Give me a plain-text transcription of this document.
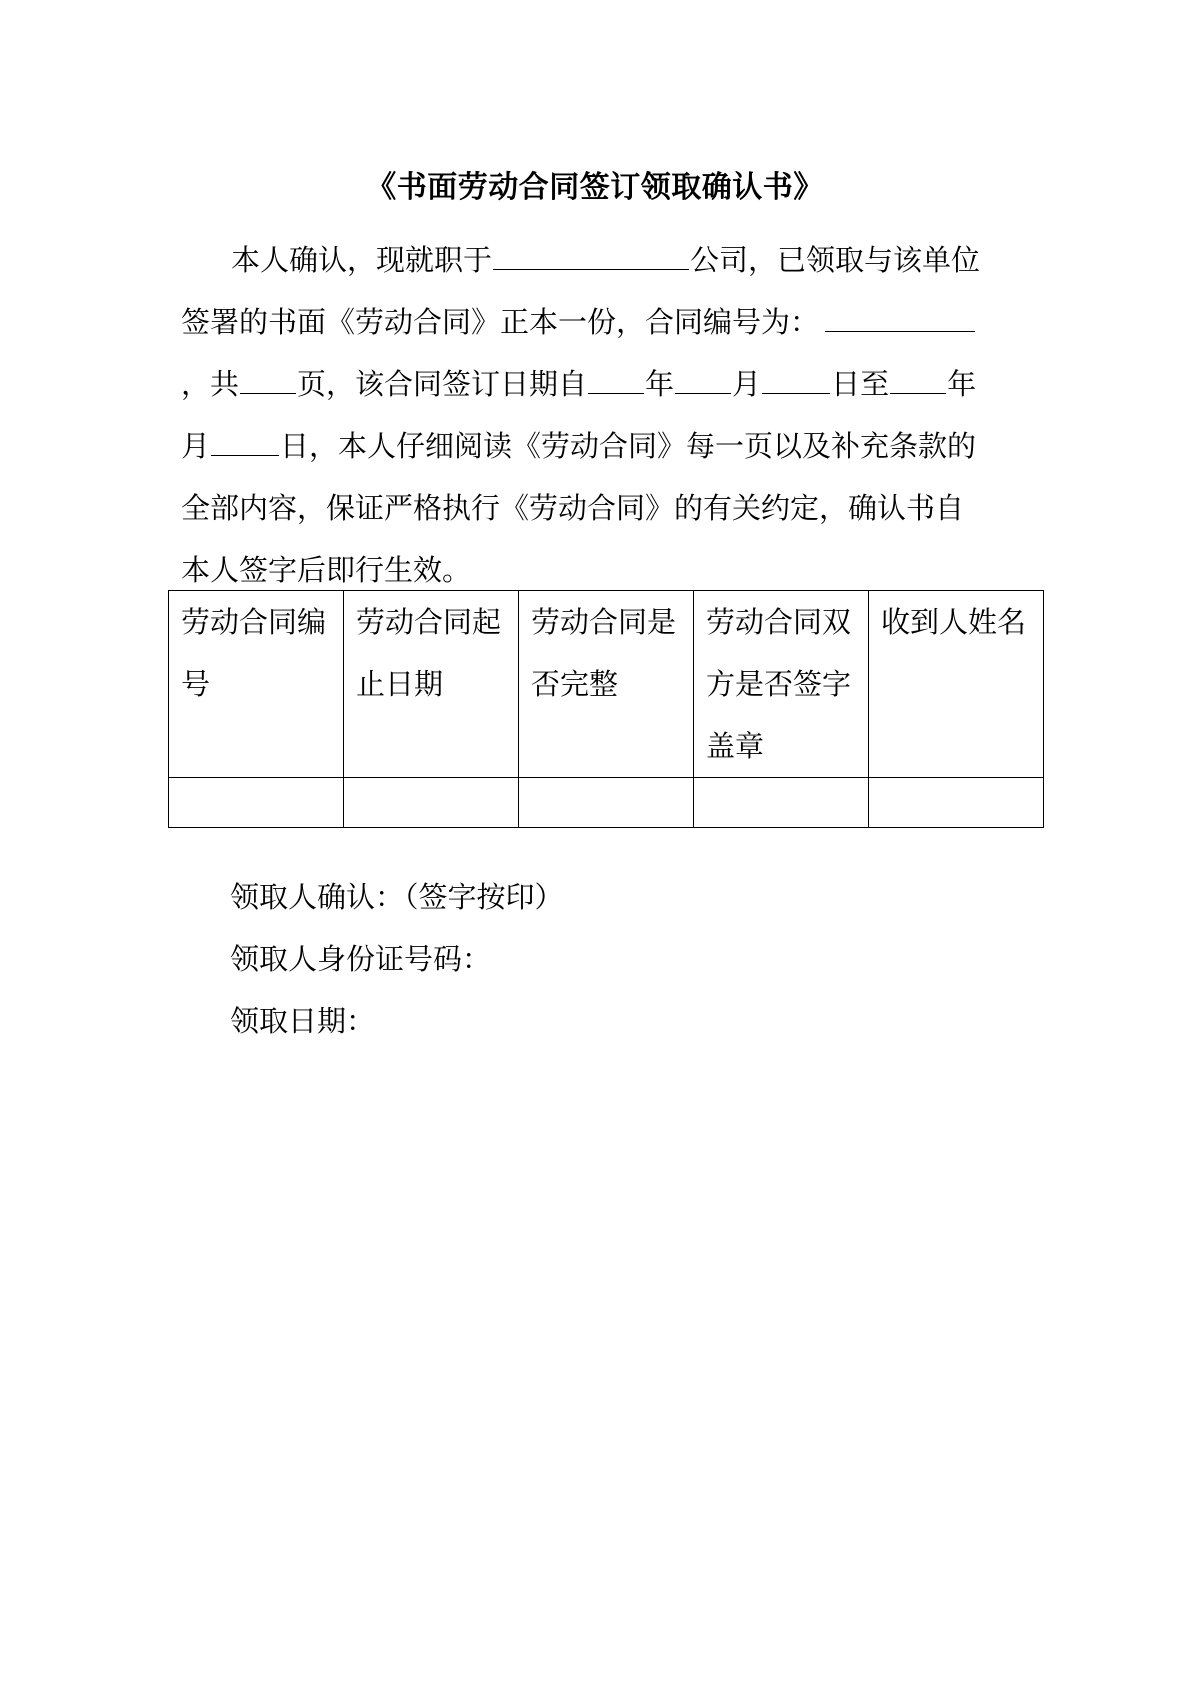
《书面劳动合同签订领取确认书》
本人确认，现就职于	公司，已领取与该单位
签署的书面《劳动合同》正本一份，合同编号为：
，共 页，该合同签订日期自 年 月 日至 年
月 日，本人仔细阅读《劳动合同》每一页以及补充条款的
全部内容，保证严格执行《劳动合同》的有关约定，确认书自
本人签字后即行生效。
劳动合同编号	劳动合同起止日期	劳动合同是否完整	劳动合同双方是否签字盖章	收到人姓名

领取人确认：（签字按印）
领取人身份证号码：
领取日期：
